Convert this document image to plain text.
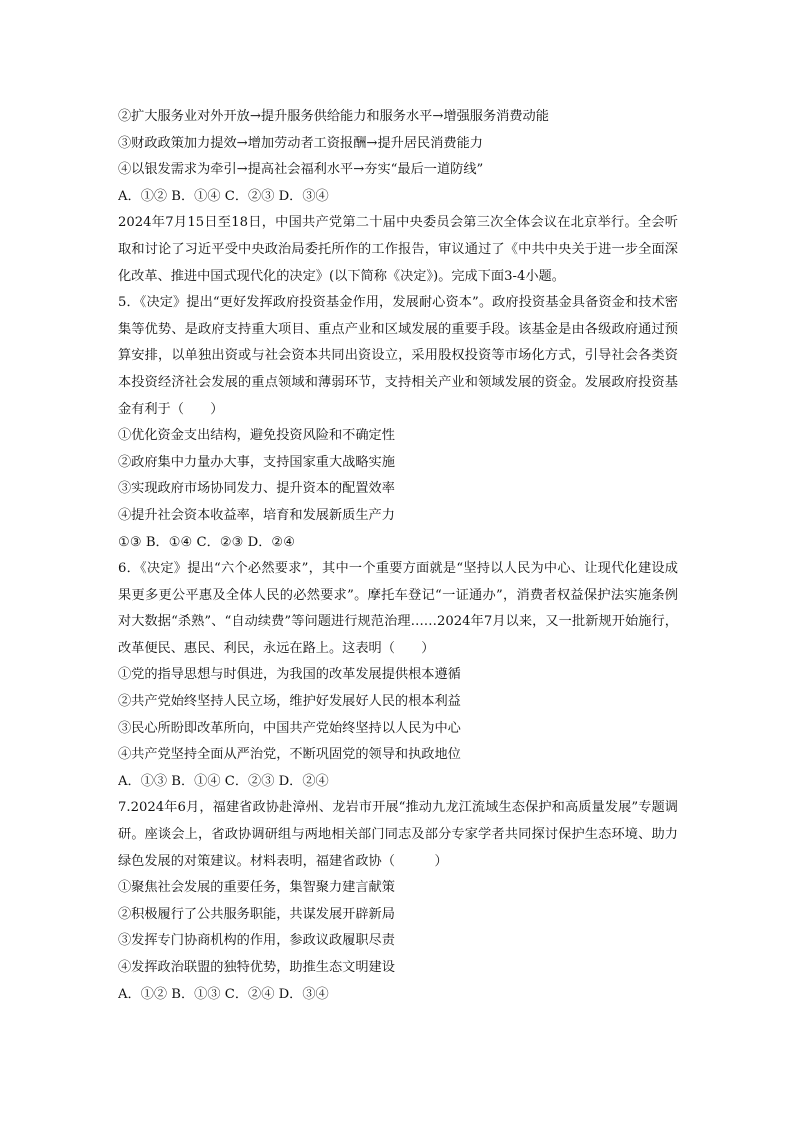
②扩大服务业对外开放→提升服务供给能力和服务水平→增强服务消费动能
③财政政策加力提效→增加劳动者工资报酬→提升居民消费能力
④以银发需求为牵引→提高社会福利水平→夯实“最后一道防线”
A．①② B．①④ C．②③ D．③④
2024年7月15日至18日，中国共产党第二十届中央委员会第三次全体会议在北京举行。全会听取和讨论了习近平受中央政治局委托所作的工作报告，审议通过了《中共中央关于进一步全面深化改革、推进中国式现代化的决定》(以下简称《决定》)。完成下面3-4小题。
5．《决定》提出“更好发挥政府投资基金作用，发展耐心资本”。政府投资基金具备资金和技术密集等优势、是政府支持重大项目、重点产业和区域发展的重要手段。该基金是由各级政府通过预算安排，以单独出资或与社会资本共同出资设立，采用股权投资等市场化方式，引导社会各类资本投资经济社会发展的重点领域和薄弱环节，支持相关产业和领域发展的资金。发展政府投资基金有利于（　　）
①优化资金支出结构，避免投资风险和不确定性
②政府集中力量办大事，支持国家重大战略实施
③实现政府市场协同发力、提升资本的配置效率
④提升社会资本收益率，培育和发展新质生产力
①③ B．①④ C．②③ D．②④
6．《决定》提出“六个必然要求”，其中一个重要方面就是“坚持以人民为中心、让现代化建设成果更多更公平惠及全体人民的必然要求”。摩托车登记“一证通办”，消费者权益保护法实施条例对大数据“杀熟”、“自动续费”等问题进行规范治理……2024年7月以来，又一批新规开始施行，改革便民、惠民、利民，永远在路上。这表明（　　）
①党的指导思想与时俱进，为我国的改革发展提供根本遵循
②共产党始终坚持人民立场，维护好发展好人民的根本利益
③民心所盼即改革所向，中国共产党始终坚持以人民为中心
④共产党坚持全面从严治党，不断巩固党的领导和执政地位
A．①③ B．①④ C．②③ D．②④
7.2024年6月，福建省政协赴漳州、龙岩市开展“推动九龙江流域生态保护和高质量发展”专题调研。座谈会上，省政协调研组与两地相关部门同志及部分专家学者共同探讨保护生态环境、助力绿色发展的对策建议。材料表明，福建省政协（　　　）
①聚焦社会发展的重要任务，集智聚力建言献策
②积极履行了公共服务职能，共谋发展开辟新局
③发挥专门协商机构的作用，参政议政履职尽责
④发挥政治联盟的独特优势，助推生态文明建设
A．①② B．①③ C．②④ D．③④
